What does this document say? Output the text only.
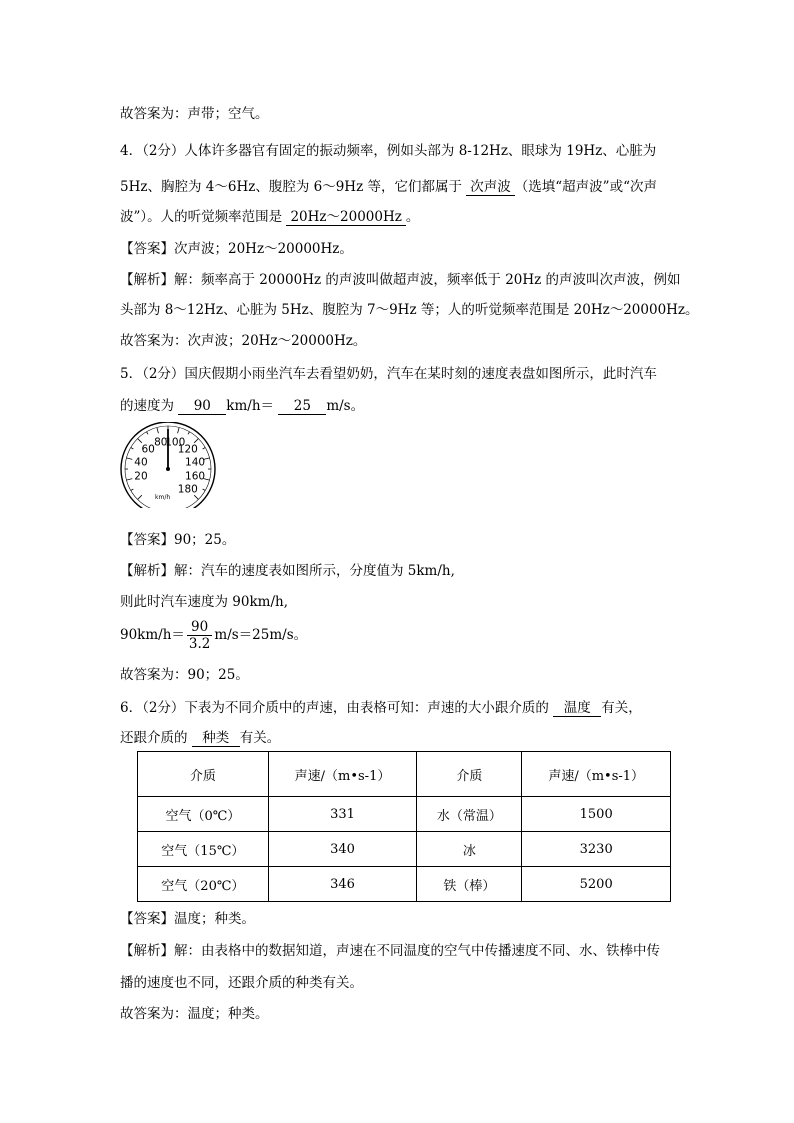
故答案为：声带；空气。
4．（2分）人体许多器官有固定的振动频率，例如头部为 8-12Hz、眼球为 19Hz、心脏为
5Hz、胸腔为 4～6Hz、腹腔为 6～9Hz 等，它们都属于 次声波 （选填“超声波”或“次声
波”）。人的听觉频率范围是 20Hz～20000Hz 。
【答案】次声波；20Hz～20000Hz。
【解析】解：频率高于 20000Hz 的声波叫做超声波，频率低于 20Hz 的声波叫次声波，例如
头部为 8～12Hz、心脏为 5Hz、腹腔为 7～9Hz 等；人的听觉频率范围是 20Hz～20000Hz。
故答案为：次声波；20Hz～20000Hz。
5．（2分）国庆假期小雨坐汽车去看望奶奶，汽车在某时刻的速度表盘如图所示，此时汽车
的速度为 90 km/h＝ 25 m/s。
20
40
60
80
100
120
140
160
180
km/h
【答案】90；25。
【解析】解：汽车的速度表如图所示，分度值为 5km/h,
则此时汽车速度为 90km/h,
$90km/h= \frac{90}{3.2} m/s=25m/s$。
故答案为：90；25。
6．（2分）下表为不同介质中的声速，由表格可知：声速的大小跟介质的 温度 有关，
还跟介质的 种类 有关。
介质	声速/（m•s-1）	介质	声速/（m•s-1）
空气（0℃）	331	水（常温）	1500
空气（15℃）	340	冰	3230
空气（20℃）	346	铁（棒）	5200
【答案】温度；种类。
【解析】解：由表格中的数据知道，声速在不同温度的空气中传播速度不同、水、铁棒中传
播的速度也不同，还跟介质的种类有关。
故答案为：温度；种类。
